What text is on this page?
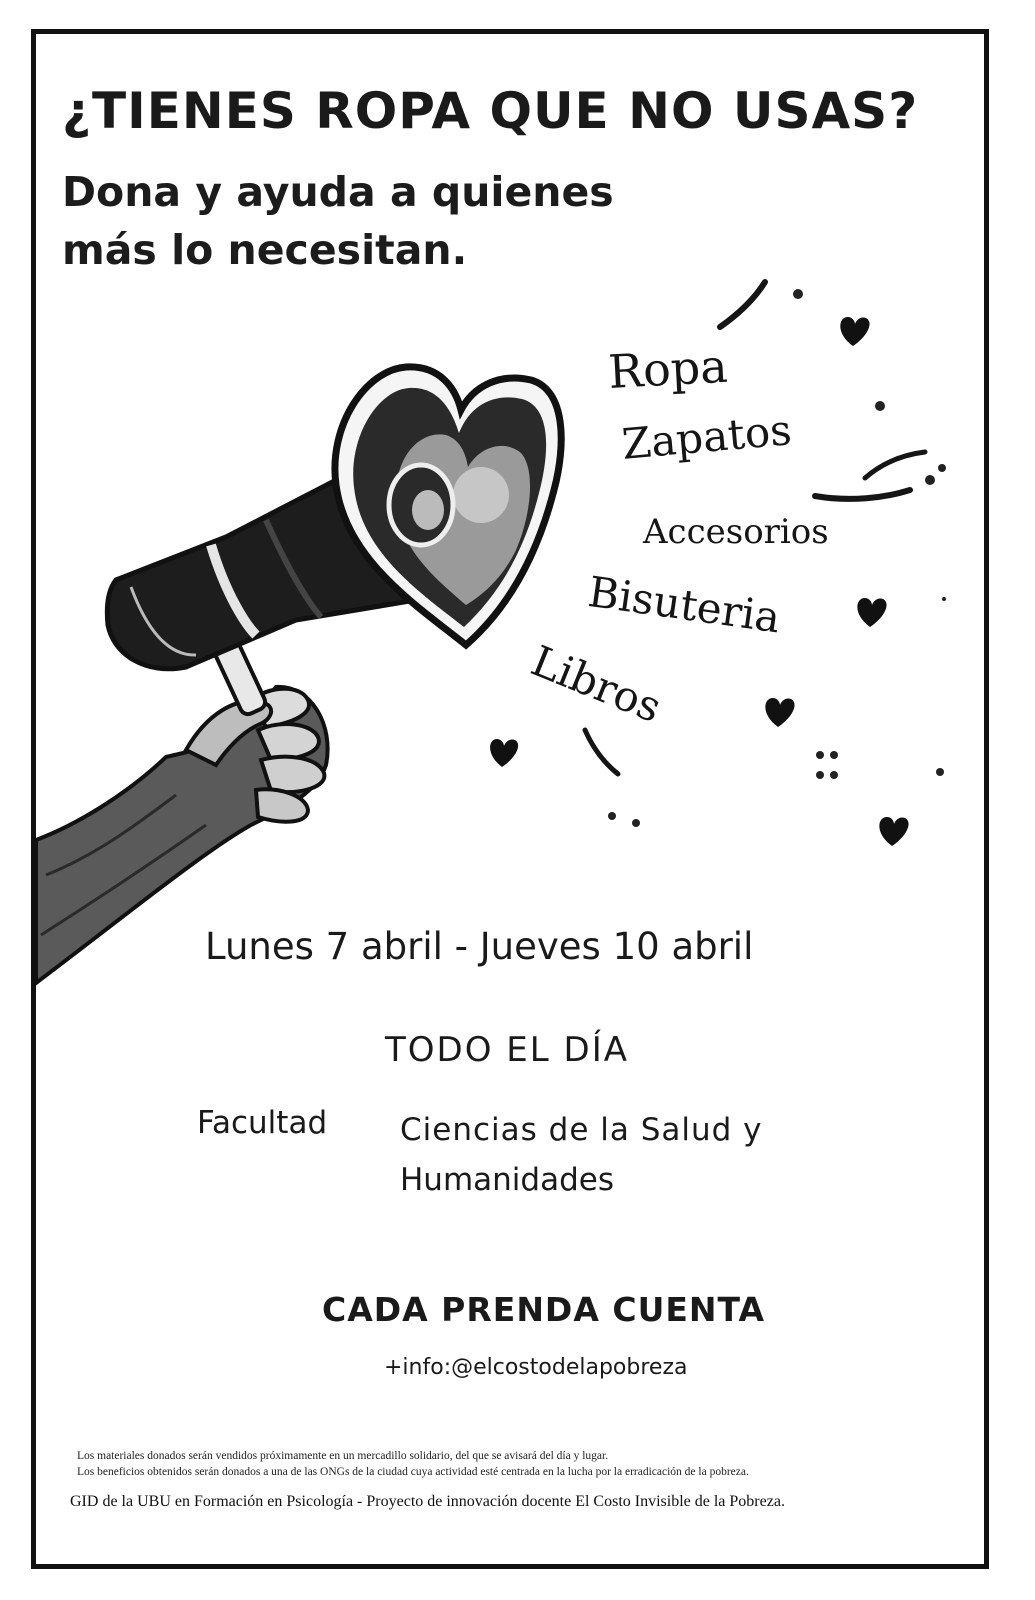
¿TIENES ROPA QUE NO USAS?
Dona y ayuda a quienes
más lo necesitan.
Ropa
Zapatos
Accesorios
Bisuteria
Libros
Lunes 7 abril - Jueves 10 abril
TODO EL DÍA
Facultad Ciencias de la Salud y
Humanidades
CADA PRENDA CUENTA
+info:@elcostodelapobreza
Los materiales donados serán vendidos próximamente en un mercadillo solidario, del que se avisará del día y lugar.
Los beneficios obtenidos serán donados a una de las ONGs de la ciudad cuya actividad esté centrada en la lucha por la erradicación de la pobreza.
GID de la UBU en Formación en Psicología - Proyecto de innovación docente El Costo Invisible de la Pobreza.
